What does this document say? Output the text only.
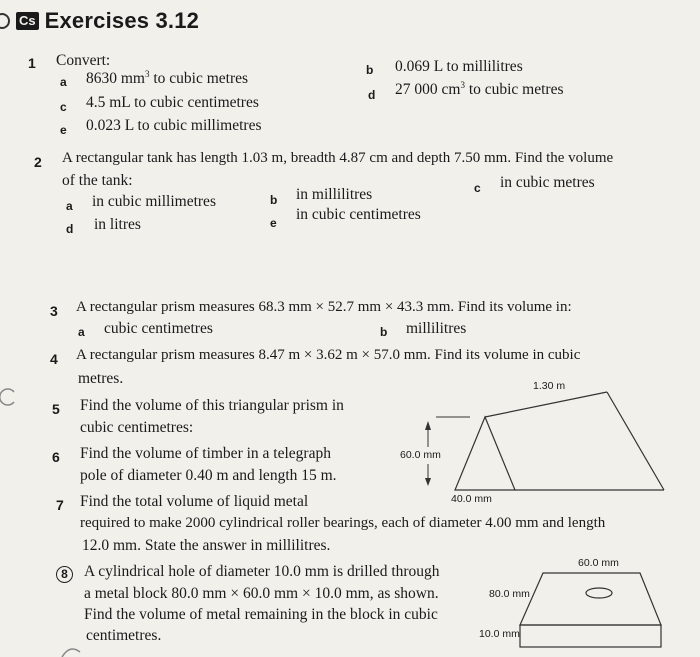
Cs Exercises 3.12
1 Convert:
a 8630 $mm^3$ to cubic metres
b 0.069 L to millilitres
c 4.5 mL to cubic centimetres	d 27 000 $cm^3$ to cubic metres
e 0.023 L to cubic millimetres
2 A rectangular tank has length 1.03 m, breadth 4.87 cm and depth 7.50 mm. Find the volume
of the tank:
a in cubic millimetres	b in millilitres	c in cubic metres
d in litres	e in cubic centimetres
3 A rectangular prism measures 68.3 mm × 52.7 mm × 43.3 mm. Find its volume in:
a cubic centimetres	b millilitres
4 A rectangular prism measures 8.47 m × 3.62 m × 57.0 mm. Find its volume in cubic
metres.
5 Find the volume of this triangular prism in
cubic centimetres:
6 Find the volume of timber in a telegraph
pole of diameter 0.40 m and length 15 m.
7 Find the total volume of liquid metal
required to make 2000 cylindrical roller bearings, each of diameter 4.00 mm and length
12.0 mm. State the answer in millilitres.
8	A cylindrical hole of diameter 10.0 mm is drilled through
a metal block 80.0 mm × 60.0 mm × 10.0 mm, as shown.
Find the volume of metal remaining in the block in cubic
centimetres.
1.30 m
60.0 mm
40.0 mm
60.0 mm
80.0 mm
10.0 mm
